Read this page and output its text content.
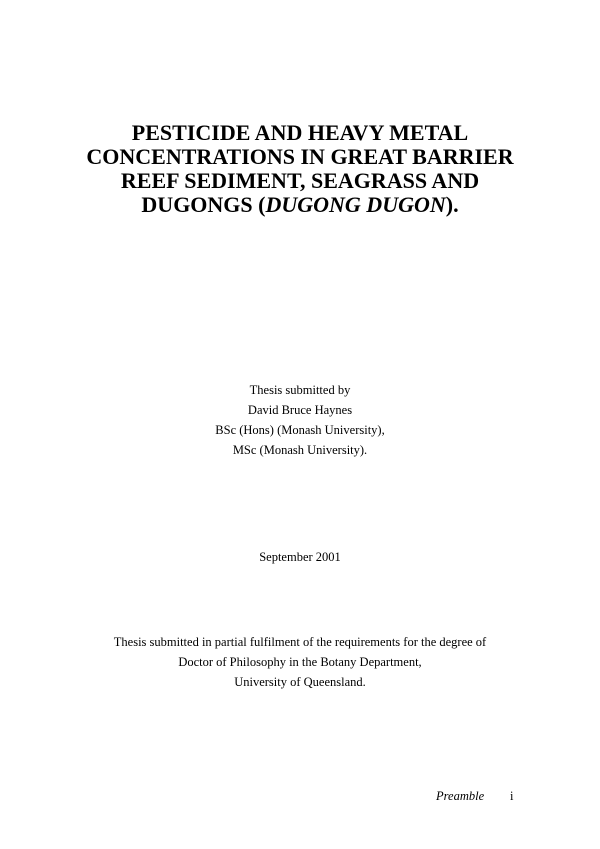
PESTICIDE AND HEAVY METAL
CONCENTRATIONS IN GREAT BARRIER
REEF SEDIMENT, SEAGRASS AND
DUGONGS (DUGONG DUGON).
Thesis submitted by
David Bruce Haynes
BSc (Hons) (Monash University),
MSc (Monash University).
September 2001
Thesis submitted in partial fulfilment of the requirements for the degree of
Doctor of Philosophy in the Botany Department,
University of Queensland.
Preamble i
